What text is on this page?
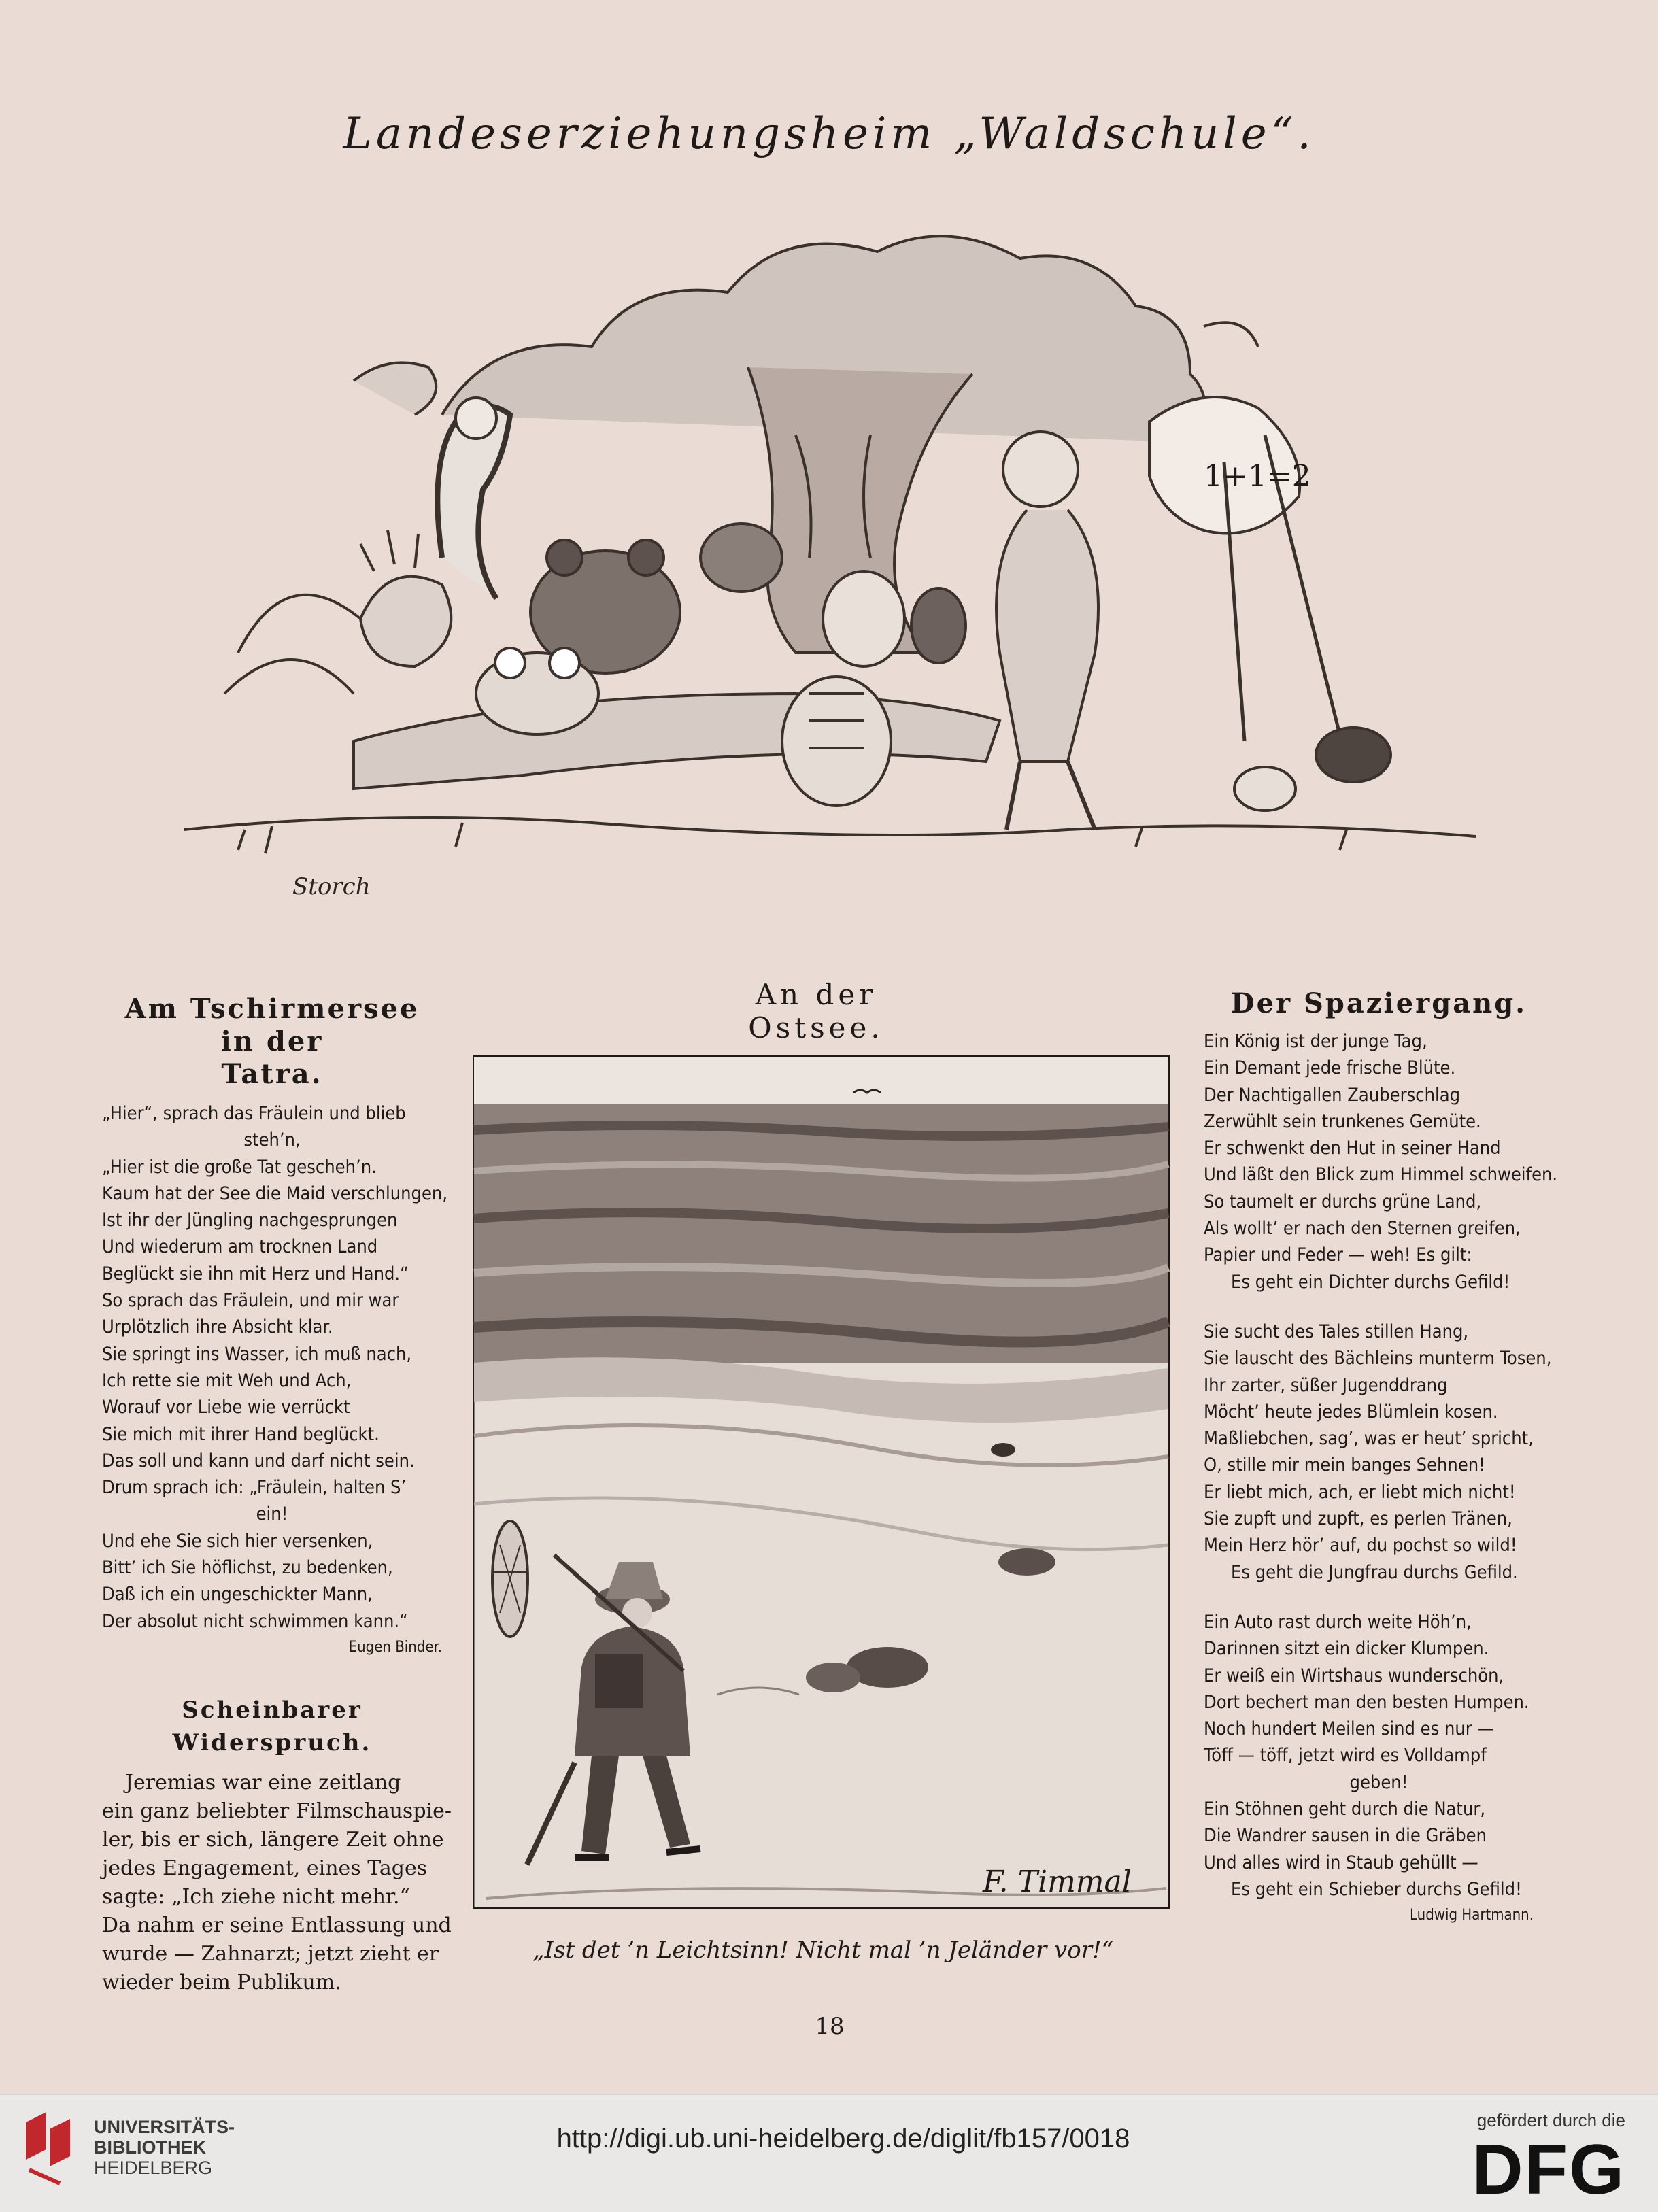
Landeserziehungsheim „Waldschule“.
1+1=2
Storch
Am Tschirmersee in der
Tatra.
„Hier“, sprach das Fräulein und blieb
steh’n,
„Hier ist die große Tat gescheh’n.
Kaum hat der See die Maid verschlungen,
Ist ihr der Jüngling nachgesprungen
Und wiederum am trocknen Land
Beglückt sie ihn mit Herz und Hand.“
So sprach das Fräulein, und mir war
Urplötzlich ihre Absicht klar.
Sie springt ins Wasser, ich muß nach,
Ich rette sie mit Weh und Ach,
Worauf vor Liebe wie verrückt
Sie mich mit ihrer Hand beglückt.
Das soll und kann und darf nicht sein.
Drum sprach ich: „Fräulein, halten S’
ein!
Und ehe Sie sich hier versenken,
Bitt’ ich Sie höflichst, zu bedenken,
Daß ich ein ungeschickter Mann,
Der absolut nicht schwimmen kann.“
Eugen Binder.
Scheinbarer Widerspruch.
Jeremias war eine zeitlang
ein ganz beliebter Filmschauspie-
ler, bis er sich, längere Zeit ohne
jedes Engagement, eines Tages
sagte: „Ich ziehe nicht mehr.“
Da nahm er seine Entlassung und
wurde — Zahnarzt; jetzt zieht er
wieder beim Publikum.
An der Ostsee.
F. Timmal
„Ist det ’n Leichtsinn! Nicht mal ’n Jeländer vor!“
Der Spaziergang.
Ein König ist der junge Tag,
Ein Demant jede frische Blüte.
Der Nachtigallen Zauberschlag
Zerwühlt sein trunkenes Gemüte.
Er schwenkt den Hut in seiner Hand
Und läßt den Blick zum Himmel schweifen.
So taumelt er durchs grüne Land,
Als wollt’ er nach den Sternen greifen,
Papier und Feder — weh! Es gilt:
Es geht ein Dichter durchs Gefild!
Sie sucht des Tales stillen Hang,
Sie lauscht des Bächleins munterm Tosen,
Ihr zarter, süßer Jugenddrang
Möcht’ heute jedes Blümlein kosen.
Maßliebchen, sag’, was er heut’ spricht,
O, stille mir mein banges Sehnen!
Er liebt mich, ach, er liebt mich nicht!
Sie zupft und zupft, es perlen Tränen,
Mein Herz hör’ auf, du pochst so wild!
Es geht die Jungfrau durchs Gefild.
Ein Auto rast durch weite Höh’n,
Darinnen sitzt ein dicker Klumpen.
Er weiß ein Wirtshaus wunderschön,
Dort bechert man den besten Humpen.
Noch hundert Meilen sind es nur —
Töff — töff, jetzt wird es Volldampf
geben!
Ein Stöhnen geht durch die Natur,
Die Wandrer sausen in die Gräben
Und alles wird in Staub gehüllt —
Es geht ein Schieber durchs Gefild!
Ludwig Hartmann.
18
UNIVERSITÄTS-
BIBLIOTHEK
HEIDELBERG
http://digi.ub.uni-heidelberg.de/diglit/fb157/0018
gefördert durch die
DFG
